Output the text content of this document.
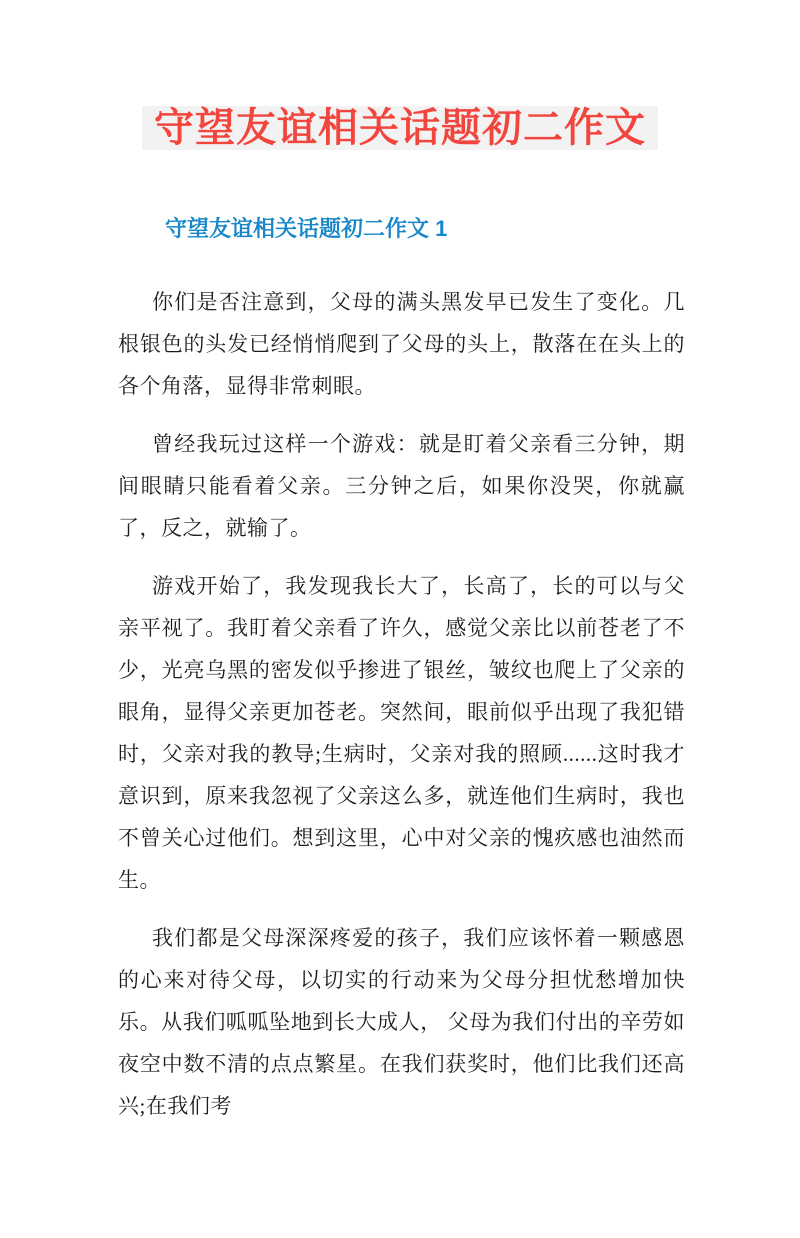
守望友谊相关话题初二作文
守望友谊相关话题初二作文 1

你们是否注意到，父母的满头黑发早已发生了变化。几根银色的头发已经悄悄爬到了父母的头上，散落在在头上的各个角落，显得非常刺眼。

曾经我玩过这样一个游戏：就是盯着父亲看三分钟，期间眼睛只能看着父亲。三分钟之后，如果你没哭，你就赢了，反之，就输了。

游戏开始了，我发现我长大了，长高了，长的可以与父亲平视了。我盯着父亲看了许久，感觉父亲比以前苍老了不少，光亮乌黑的密发似乎掺进了银丝，皱纹也爬上了父亲的眼角，显得父亲更加苍老。突然间，眼前似乎出现了我犯错时，父亲对我的教导;生病时，父亲对我的照顾......这时我才意识到，原来我忽视了父亲这么多，就连他们生病时，我也不曾关心过他们。想到这里，心中对父亲的愧疚感也油然而生。

我们都是父母深深疼爱的孩子，我们应该怀着一颗感恩的心来对待父母，以切实的行动来为父母分担忧愁增加快乐。从我们呱呱坠地到长大成人， 父母为我们付出的辛劳如夜空中数不清的点点繁星。在我们获奖时，他们比我们还高兴;在我们考
